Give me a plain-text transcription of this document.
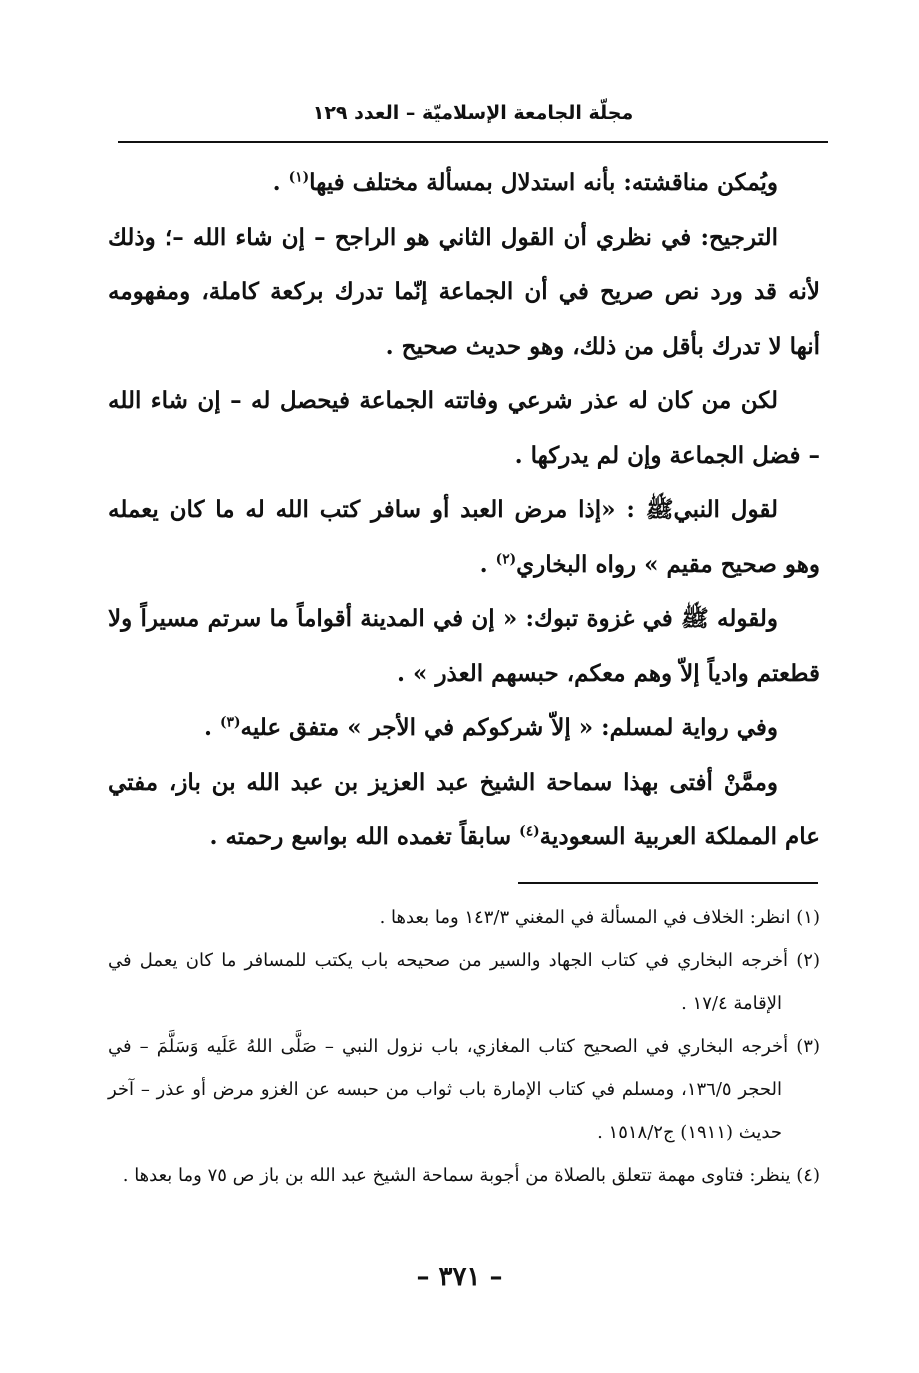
مجلّة الجامعة الإسلاميّة – العدد ١٢٩

ويُمكن مناقشته: بأنه استدلال بمسألة مختلف فيها$^{(١)}$ .

الترجيح: في نظري أن القول الثاني هو الراجح – إن شاء الله –؛ وذلك لأنه قد ورد نص صريح في أن الجماعة إنّما تدرك بركعة كاملة، ومفهومه أنها لا تدرك بأقل من ذلك، وهو حديث صحيح .

لكن من كان له عذر شرعي وفاتته الجماعة فيحصل له – إن شاء الله – فضل الجماعة وإن لم يدركها .

لقول النبيﷺ : «إذا مرض العبد أو سافر كتب الله له ما كان يعمله وهو صحيح مقيم » رواه البخاري$^{(٢)}$ .

ولقوله ﷺ في غزوة تبوك: « إن في المدينة أقواماً ما سرتم مسيراً ولا قطعتم وادياً إلاّ وهم معكم، حبسهم العذر » .

وفي رواية لمسلم: « إلاّ شركوكم في الأجر » متفق عليه$^{(٣)}$ .

وممَّنْ أفتى بهذا سماحة الشيخ عبد العزيز بن عبد الله بن باز، مفتي عام المملكة العربية السعودية$^{(٤)}$ سابقاً تغمده الله بواسع رحمته .

(١) انظر: الخلاف في المسألة في المغني ١٤٣/٣ وما بعدها .

(٢) أخرجه البخاري في كتاب الجهاد والسير من صحيحه باب يكتب للمسافر ما كان يعمل في الإقامة ١٧/٤ .

(٣) أخرجه البخاري في الصحيح كتاب المغازي، باب نزول النبي – صَلَّى اللهُ عَلَيه وَسَلَّمَ – في الحجر ١٣٦/٥، ومسلم في كتاب الإمارة باب ثواب من حبسه عن الغزو مرض أو عذر – آخر حديث (١٩١١) ج١٥١٨/٢ .

(٤) ينظر: فتاوى مهمة تتعلق بالصلاة من أجوبة سماحة الشيخ عبد الله بن باز ص ٧٥ وما بعدها .

– ٣٧١ –
